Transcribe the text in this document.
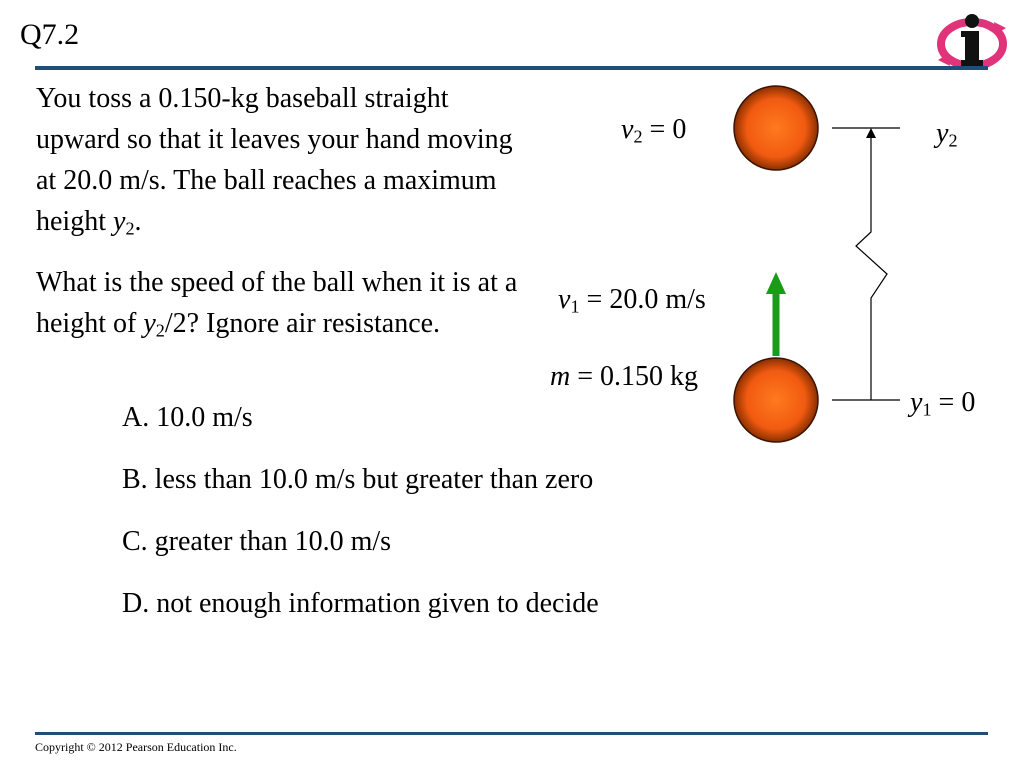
Q7.2

You toss a 0.150-kg baseball straight upward so that it leaves your hand moving at 20.0 m/s. The ball reaches a maximum height $y_2$.

What is the speed of the ball when it is at a height of $y_2/2$? Ignore air resistance.

A. 10.0 m/s
B. less than 10.0 m/s but greater than zero
C. greater than 10.0 m/s
D. not enough information given to decide
$v_2 = 0$	$y_2$
$v_1 = 20.0$ m/s
m = 0.150 kg
$y_1 = 0$
Copyright © 2012 Pearson Education Inc.
